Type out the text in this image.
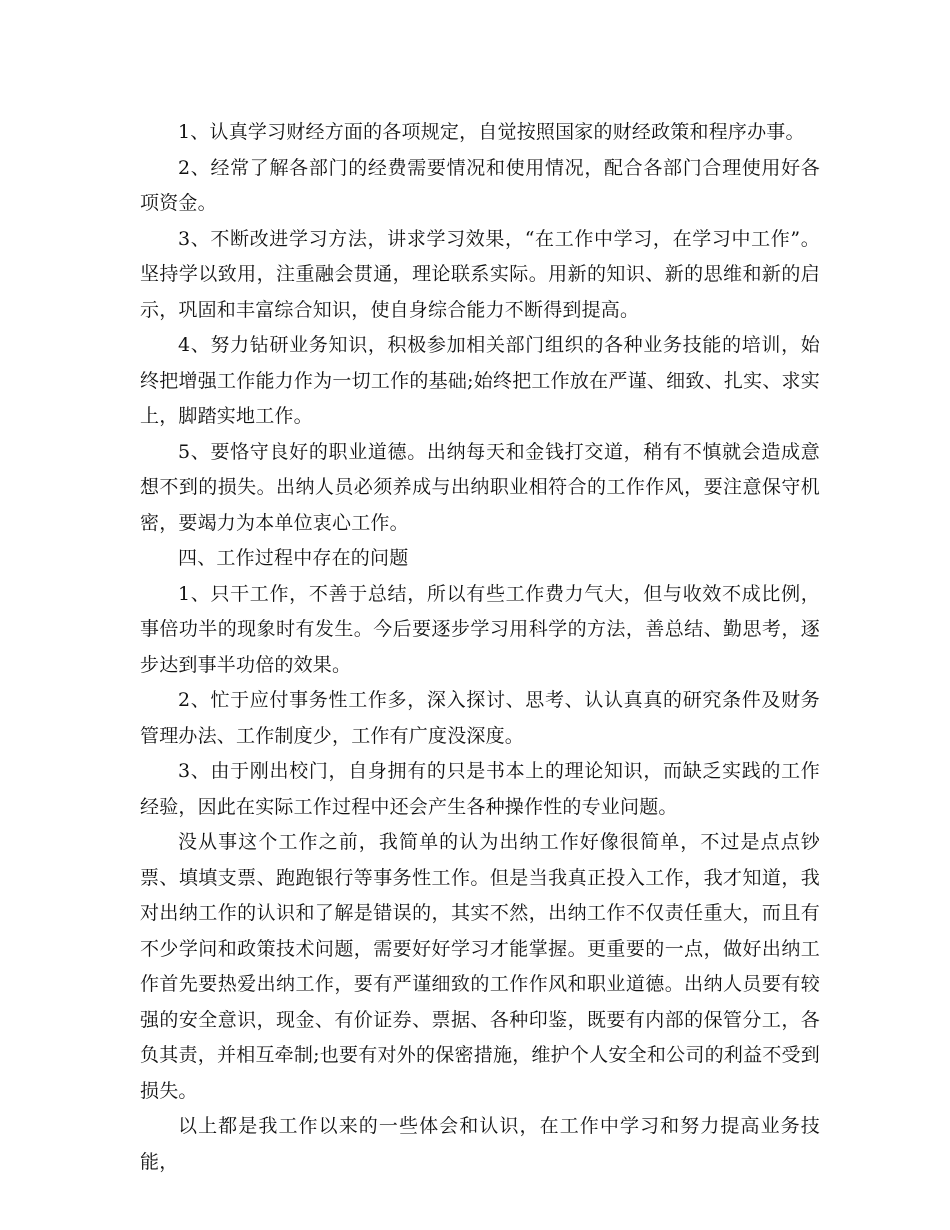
1、认真学习财经方面的各项规定，自觉按照国家的财经政策和程序办事。

2、经常了解各部门的经费需要情况和使用情况，配合各部门合理使用好各项资金。

3、不断改进学习方法，讲求学习效果，“在工作中学习，在学习中工作”。坚持学以致用，注重融会贯通，理论联系实际。用新的知识、新的思维和新的启示，巩固和丰富综合知识，使自身综合能力不断得到提高。

4、努力钻研业务知识，积极参加相关部门组织的各种业务技能的培训，始终把增强工作能力作为一切工作的基础;始终把工作放在严谨、细致、扎实、求实上，脚踏实地工作。

5、要恪守良好的职业道德。出纳每天和金钱打交道，稍有不慎就会造成意想不到的损失。出纳人员必须养成与出纳职业相符合的工作作风，要注意保守机密，要竭力为本单位衷心工作。

四、工作过程中存在的问题

1、只干工作，不善于总结，所以有些工作费力气大，但与收效不成比例，事倍功半的现象时有发生。今后要逐步学习用科学的方法，善总结、勤思考，逐步达到事半功倍的效果。

2、忙于应付事务性工作多，深入探讨、思考、认认真真的研究条件及财务管理办法、工作制度少，工作有广度没深度。

3、由于刚出校门，自身拥有的只是书本上的理论知识，而缺乏实践的工作经验，因此在实际工作过程中还会产生各种操作性的专业问题。

没从事这个工作之前，我简单的认为出纳工作好像很简单，不过是点点钞票、填填支票、跑跑银行等事务性工作。但是当我真正投入工作，我才知道，我对出纳工作的认识和了解是错误的，其实不然，出纳工作不仅责任重大，而且有不少学问和政策技术问题，需要好好学习才能掌握。更重要的一点，做好出纳工作首先要热爱出纳工作，要有严谨细致的工作作风和职业道德。出纳人员要有较强的安全意识，现金、有价证券、票据、各种印鉴，既要有内部的保管分工，各负其责，并相互牵制;也要有对外的保密措施，维护个人安全和公司的利益不受到损失。

以上都是我工作以来的一些体会和认识，在工作中学习和努力提高业务技能，
